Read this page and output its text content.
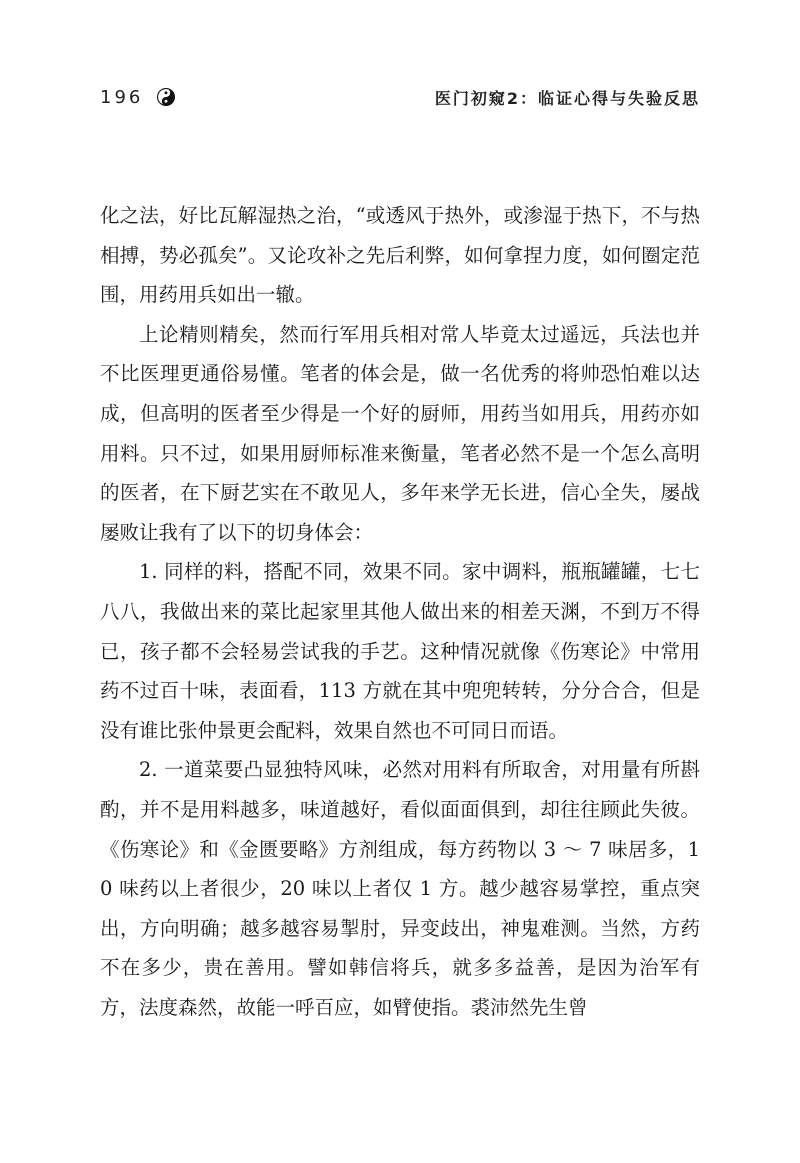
196	医门初窥2：临证心得与失验反思

化之法，好比瓦解湿热之治，“或透风于热外，或渗湿于热下，不与热相搏，势必孤矣”。又论攻补之先后利弊，如何拿捏力度，如何圈定范围，用药用兵如出一辙。

上论精则精矣，然而行军用兵相对常人毕竟太过遥远，兵法也并不比医理更通俗易懂。笔者的体会是，做一名优秀的将帅恐怕难以达成，但高明的医者至少得是一个好的厨师，用药当如用兵，用药亦如用料。只不过，如果用厨师标准来衡量，笔者必然不是一个怎么高明的医者，在下厨艺实在不敢见人，多年来学无长进，信心全失，屡战屡败让我有了以下的切身体会：

1. 同样的料，搭配不同，效果不同。家中调料，瓶瓶罐罐，七七八八，我做出来的菜比起家里其他人做出来的相差天渊，不到万不得已，孩子都不会轻易尝试我的手艺。这种情况就像《伤寒论》中常用药不过百十味，表面看，113 方就在其中兜兜转转，分分合合，但是没有谁比张仲景更会配料，效果自然也不可同日而语。

2. 一道菜要凸显独特风味，必然对用料有所取舍，对用量有所斟酌，并不是用料越多，味道越好，看似面面俱到，却往往顾此失彼。《伤寒论》和《金匮要略》方剂组成，每方药物以 3 ～ 7 味居多，10 味药以上者很少，20 味以上者仅 1 方。越少越容易掌控，重点突出，方向明确；越多越容易掣肘，异变歧出，神鬼难测。当然，方药不在多少，贵在善用。譬如韩信将兵，就多多益善，是因为治军有方，法度森然，故能一呼百应，如臂使指。裘沛然先生曾
